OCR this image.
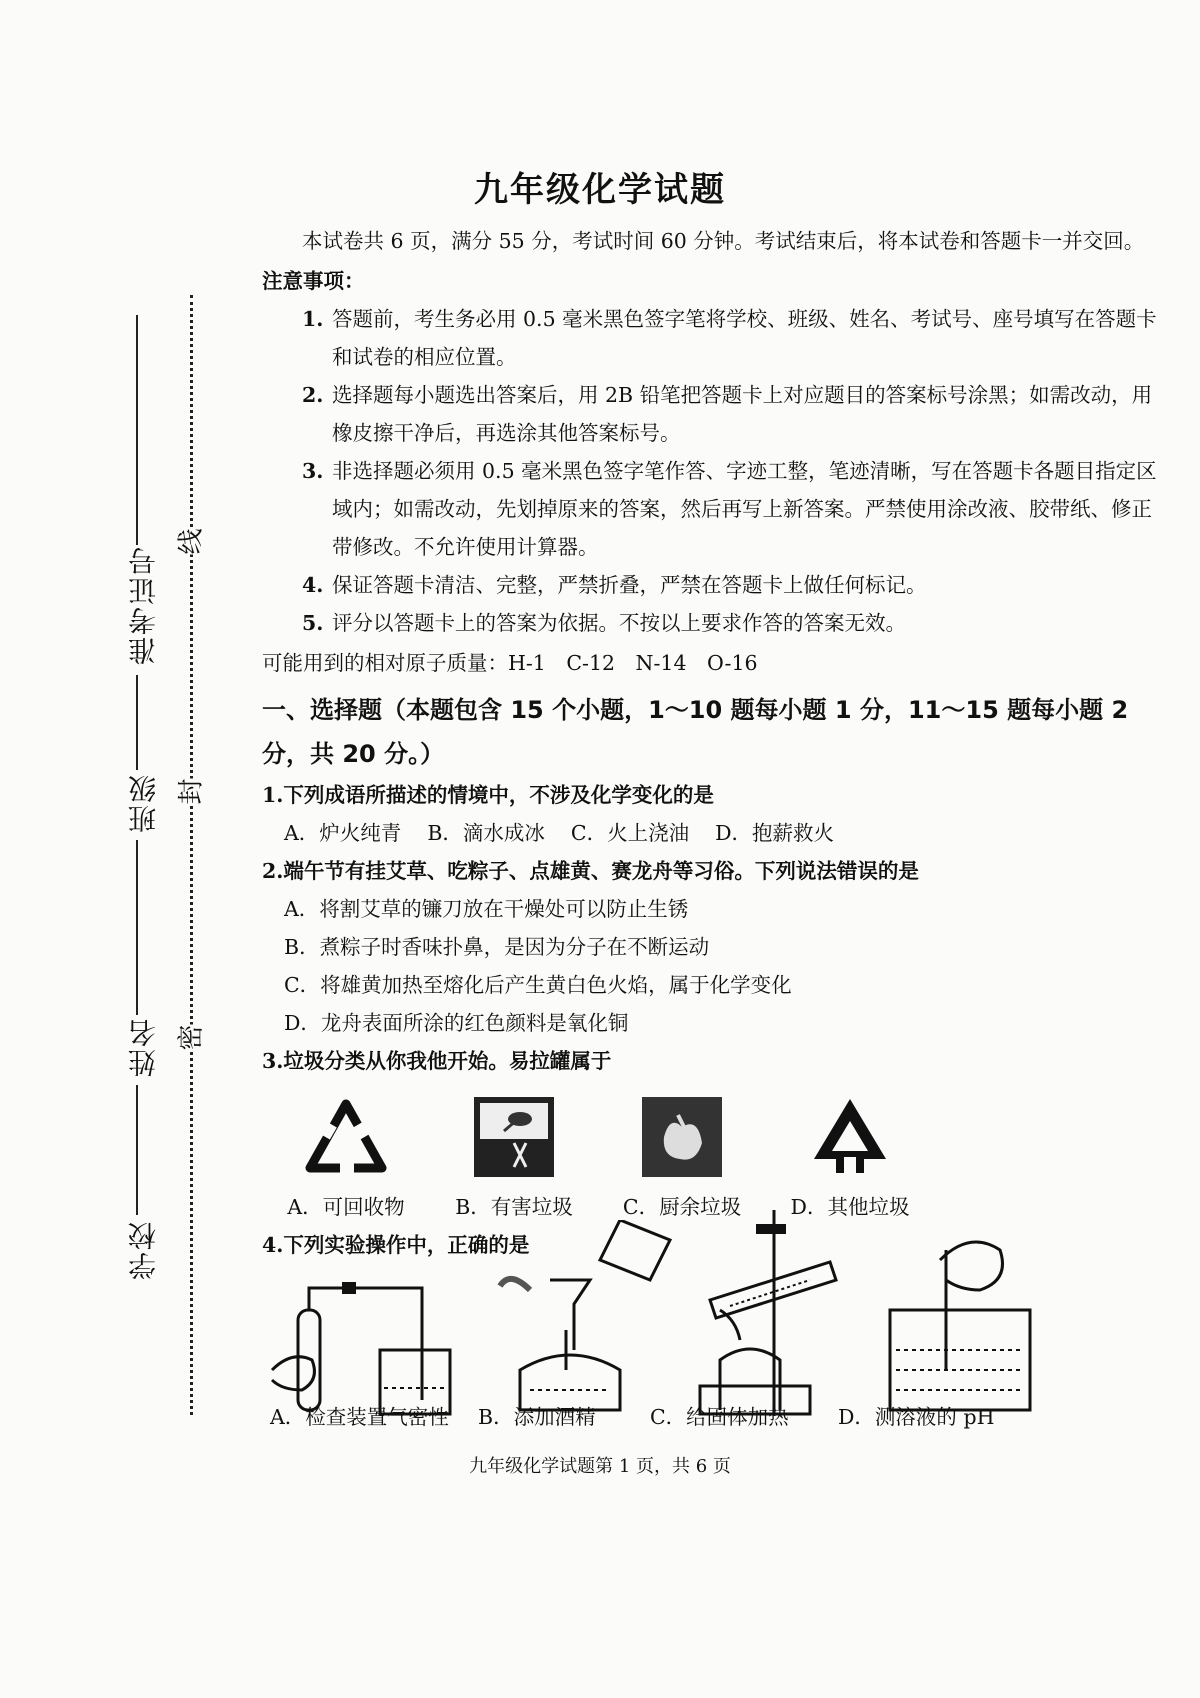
准考证号
班级
姓名
学校
线
封
密
九年级化学试题

本试卷共 6 页，满分 55 分，考试时间 60 分钟。考试结束后，将本试卷和答题卡一并交回。

注意事项：

1. 答题前，考生务必用 0.5 毫米黑色签字笔将学校、班级、姓名、考试号、座号填写在答题卡和试卷的相应位置。
2. 选择题每小题选出答案后，用 2B 铅笔把答题卡上对应题目的答案标号涂黑；如需改动，用橡皮擦干净后，再选涂其他答案标号。
3. 非选择题必须用 0.5 毫米黑色签字笔作答、字迹工整，笔迹清晰，写在答题卡各题目指定区域内；如需改动，先划掉原来的答案，然后再写上新答案。严禁使用涂改液、胶带纸、修正带修改。不允许使用计算器。
4. 保证答题卡清洁、完整，严禁折叠，严禁在答题卡上做任何标记。
5. 评分以答题卡上的答案为依据。不按以上要求作答的答案无效。

可能用到的相对原子质量：H-1　C-12　N-14　O-16

一、选择题（本题包含 15 个小题，1～10 题每小题 1 分，11～15 题每小题 2 分，共 20 分。）

1.下列成语所描述的情境中，不涉及化学变化的是

A．炉火纯青 B．滴水成冰 C．火上浇油 D．抱薪救火

2.端午节有挂艾草、吃粽子、点雄黄、赛龙舟等习俗。下列说法错误的是

A．将割艾草的镰刀放在干燥处可以防止生锈

B．煮粽子时香味扑鼻，是因为分子在不断运动

C．将雄黄加热至熔化后产生黄白色火焰，属于化学变化

D．龙舟表面所涂的红色颜料是氧化铜

3.垃圾分类从你我他开始。易拉罐属于

A．可回收物	B．有害垃圾	C．厨余垃圾	D．其他垃圾

4.下列实验操作中，正确的是

A．检查装置气密性 B．添加酒精	C．给固体加热 D．测溶液的 pH
九年级化学试题第 1 页，共 6 页
